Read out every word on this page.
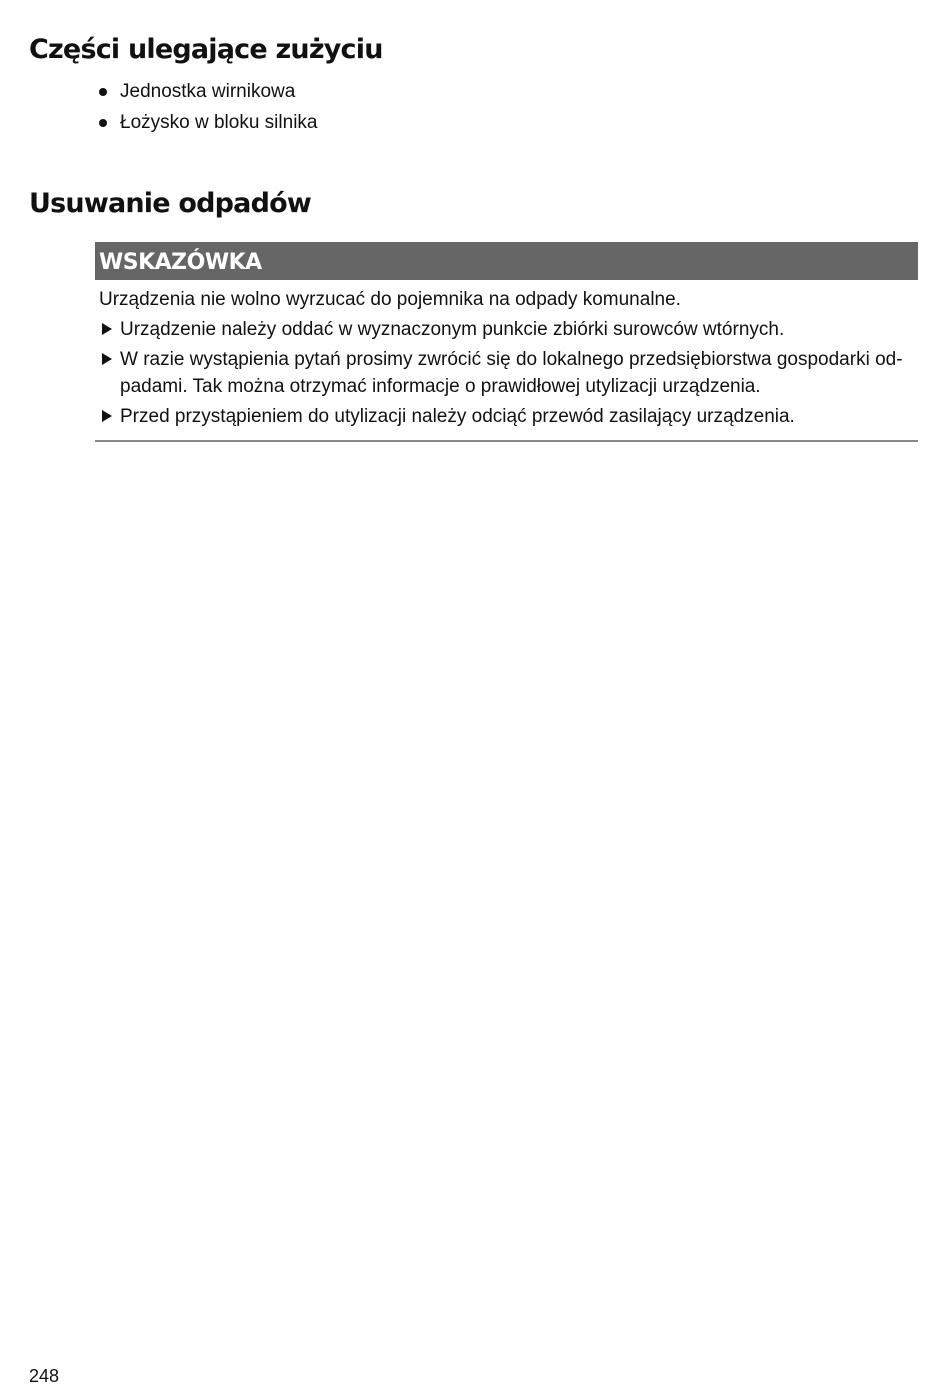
Części ulegające zużyciu
Jednostka wirnikowa
Łożysko w bloku silnika
Usuwanie odpadów
WSKAZÓWKA

Urządzenia nie wolno wyrzucać do pojemnika na odpady komunalne.

Urządzenie należy oddać w wyznaczonym punkcie zbiórki surowców wtórnych.
W razie wystąpienia pytań prosimy zwrócić się do lokalnego przedsiębiorstwa gospodarki od-padami. Tak można otrzymać informacje o prawidłowej utylizacji urządzenia.
Przed przystąpieniem do utylizacji należy odciąć przewód zasilający urządzenia.
248
